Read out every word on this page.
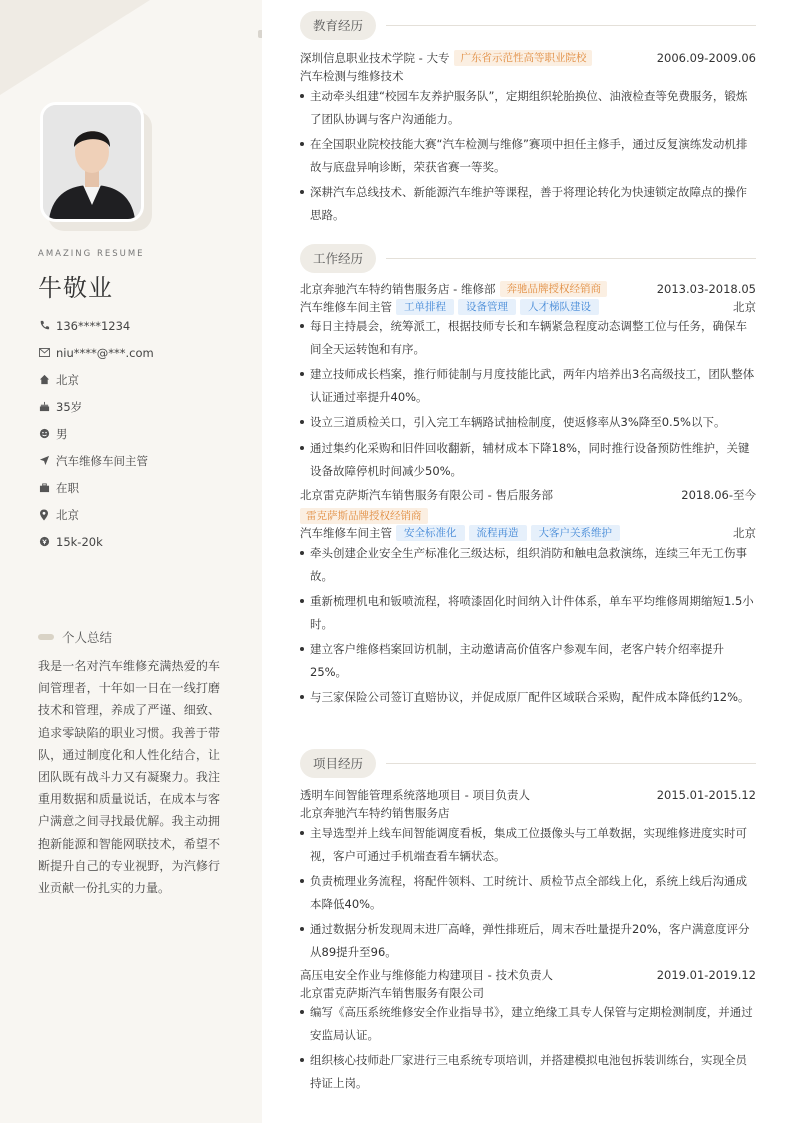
AMAZING RESUME
牛敬业
136****1234
niu****@***.com
北京
35岁
男
汽车维修车间主管
在职
北京
15k-20k
个人总结
我是一名对汽车维修充满热爱的车间管理者，十年如一日在一线打磨技术和管理，养成了严谨、细致、追求零缺陷的职业习惯。我善于带队，通过制度化和人性化结合，让团队既有战斗力又有凝聚力。我注重用数据和质量说话，在成本与客户满意之间寻找最优解。我主动拥抱新能源和智能网联技术，希望不断提升自己的专业视野，为汽修行业贡献一份扎实的力量。
教育经历
深圳信息职业技术学院 - 大专	广东省示范性高等职业院校	2006.09-2009.06
汽车检测与维修技术
主动牵头组建“校园车友养护服务队”，定期组织轮胎换位、油液检查等免费服务，锻炼了团队协调与客户沟通能力。
在全国职业院校技能大赛“汽车检测与维修”赛项中担任主修手，通过反复演练发动机排故与底盘异响诊断，荣获省赛一等奖。
深耕汽车总线技术、新能源汽车维护等课程，善于将理论转化为快速锁定故障点的操作思路。
工作经历
北京奔驰汽车特约销售服务店 - 维修部	奔驰品牌授权经销商	2013.03-2018.05
汽车维修车间主管	工单排程	设备管理	人才梯队建设	北京
每日主持晨会，统筹派工，根据技师专长和车辆紧急程度动态调整工位与任务，确保车间全天运转饱和有序。
建立技师成长档案，推行师徒制与月度技能比武，两年内培养出3名高级技工，团队整体认证通过率提升40%。
设立三道质检关口，引入完工车辆路试抽检制度，使返修率从3%降至0.5%以下。
通过集约化采购和旧件回收翻新，辅材成本下降18%，同时推行设备预防性维护，关键设备故障停机时间减少50%。
北京雷克萨斯汽车销售服务有限公司 - 售后服务部	2018.06-至今
雷克萨斯品牌授权经销商
汽车维修车间主管	安全标准化	流程再造	大客户关系维护	北京
牵头创建企业安全生产标准化三级达标，组织消防和触电急救演练，连续三年无工伤事故。
重新梳理机电和钣喷流程，将喷漆固化时间纳入计件体系，单车平均维修周期缩短1.5小时。
建立客户维修档案回访机制，主动邀请高价值客户参观车间，老客户转介绍率提升25%。
与三家保险公司签订直赔协议，并促成原厂配件区域联合采购，配件成本降低约12%。
项目经历
透明车间智能管理系统落地项目 - 项目负责人	2015.01-2015.12
北京奔驰汽车特约销售服务店
主导选型并上线车间智能调度看板，集成工位摄像头与工单数据，实现维修进度实时可视，客户可通过手机端查看车辆状态。
负责梳理业务流程，将配件领料、工时统计、质检节点全部线上化，系统上线后沟通成本降低40%。
通过数据分析发现周末进厂高峰，弹性排班后，周末吞吐量提升20%，客户满意度评分从89提升至96。
高压电安全作业与维修能力构建项目 - 技术负责人	2019.01-2019.12
北京雷克萨斯汽车销售服务有限公司
编写《高压系统维修安全作业指导书》，建立绝缘工具专人保管与定期检测制度，并通过安监局认证。
组织核心技师赴厂家进行三电系统专项培训，并搭建模拟电池包拆装训练台，实现全员持证上岗。
